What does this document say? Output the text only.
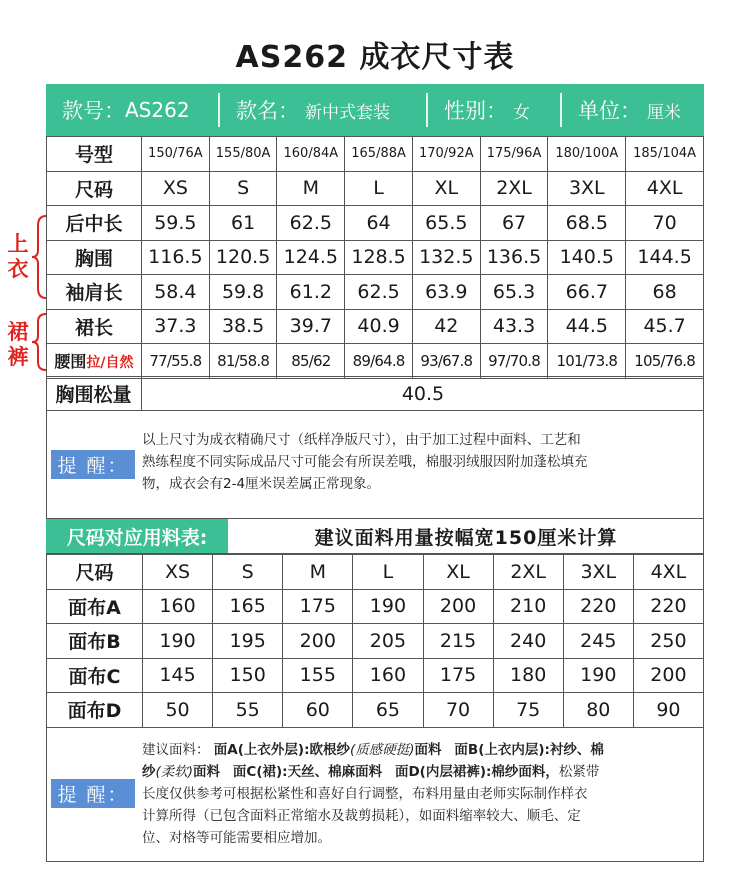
AS262 成衣尺寸表
款号： AS262 款名： 新中式套装	性别： 女 单位： 厘米
号型	150/76A	155/80A	160/84A	165/88A	170/92A	175/96A	180/100A	185/104A
尺码	XS	S	M	L	XL	2XL	3XL	4XL
后中长	59.5	61	62.5	64	65.5	67	68.5	70
胸围	116.5	120.5	124.5	128.5	132.5	136.5	140.5	144.5
袖肩长	58.4	59.8	61.2	62.5	63.9	65.3	66.7	68
裙长	37.3	38.5	39.7	40.9	42	43.3	44.5	45.7
腰围拉/自然	77/55.8	81/58.8	85/62	89/64.8	93/67.8	97/70.8	101/73.8	105/76.8
上衣
裙裤
胸围松量	40.5
提 醒：
以上尺寸为成衣精确尺寸（纸样净版尺寸），由于加工过程中面料、工艺和
熟练程度不同实际成品尺寸可能会有所误差哦，棉服羽绒服因附加蓬松填充
物，成衣会有2-4厘米误差属正常现象。
尺码对应用料表:	建议面料用量按幅宽150厘米计算
尺码	XS	S	M	L	XL	2XL	3XL	4XL
面布A	160	165	175	190	200	210	220	220
面布B	190	195	200	205	215	240	245	250
面布C	145	150	155	160	175	180	190	200
面布D	50	55	60	65	70	75	80	90
提 醒：
建议面料： 面A(上衣外层):欧根纱(质感硬挺)面料 面B(上衣内层):衬纱、棉
纱(柔软)面料 面C(裙):天丝、棉麻面料 面D(内层裙裤):棉纱面料，松紧带
长度仅供参考可根据松紧性和喜好自行调整，布料用量由老师实际制作样衣
计算所得（已包含面料正常缩水及裁剪损耗），如面料缩率较大、顺毛、定
位、对格等可能需要相应增加。
